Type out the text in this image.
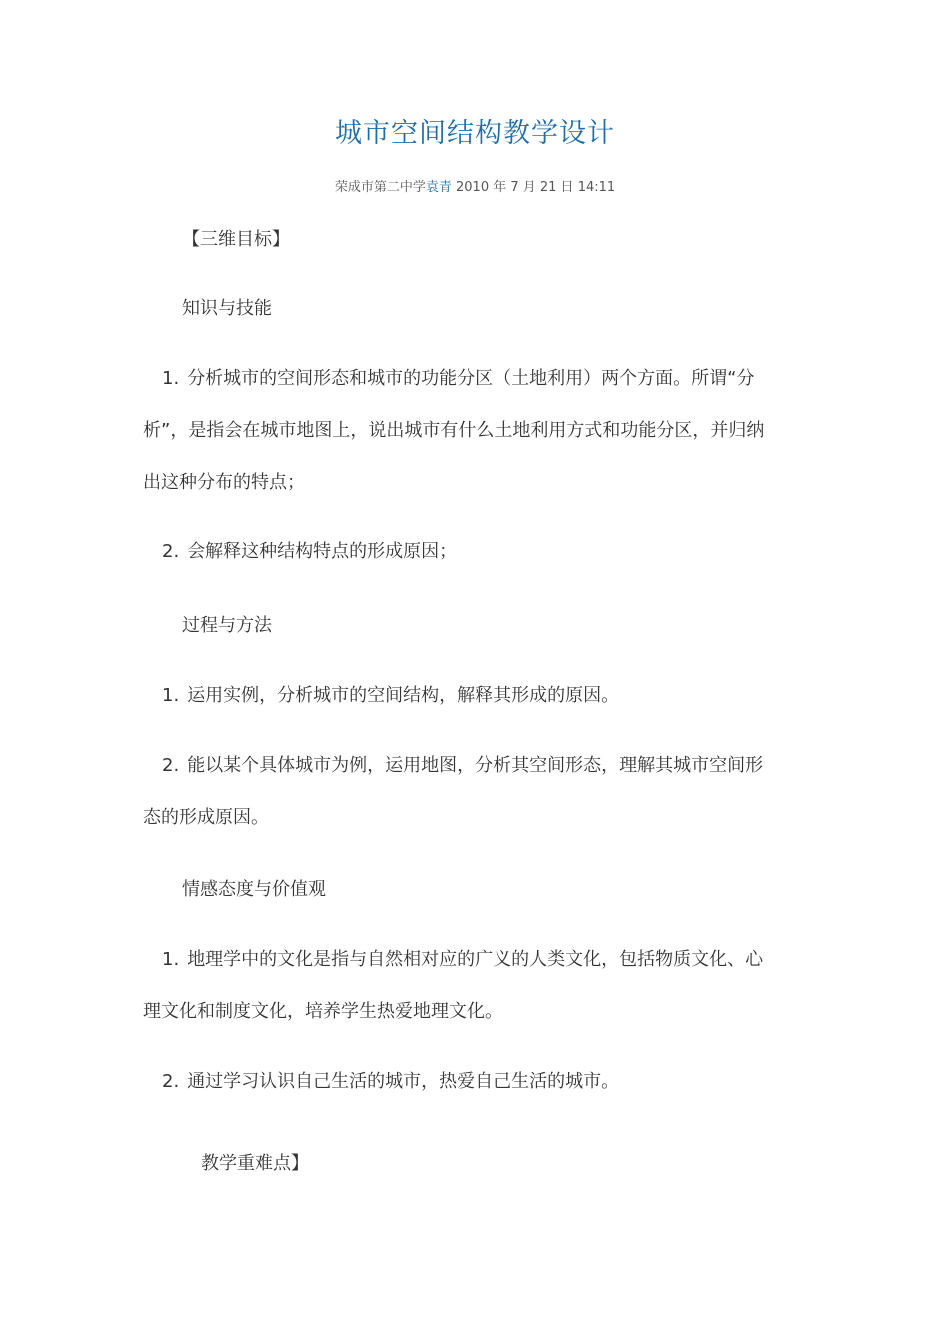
城市空间结构教学设计
荣成市第二中学袁青 2010 年 7 月 21 日 14:11
【三维目标】
知识与技能
1. 分析城市的空间形态和城市的功能分区（土地利用）两个方面。所谓“分
析”，是指会在城市地图上，说出城市有什么土地利用方式和功能分区，并归纳
出这种分布的特点；
2. 会解释这种结构特点的形成原因；
过程与方法
1. 运用实例，分析城市的空间结构，解释其形成的原因。
2. 能以某个具体城市为例，运用地图，分析其空间形态，理解其城市空间形
态的形成原因。
情感态度与价值观
1. 地理学中的文化是指与自然相对应的广义的人类文化，包括物质文化、心
理文化和制度文化，培养学生热爱地理文化。
2. 通过学习认识自己生活的城市，热爱自己生活的城市。
教学重难点】
